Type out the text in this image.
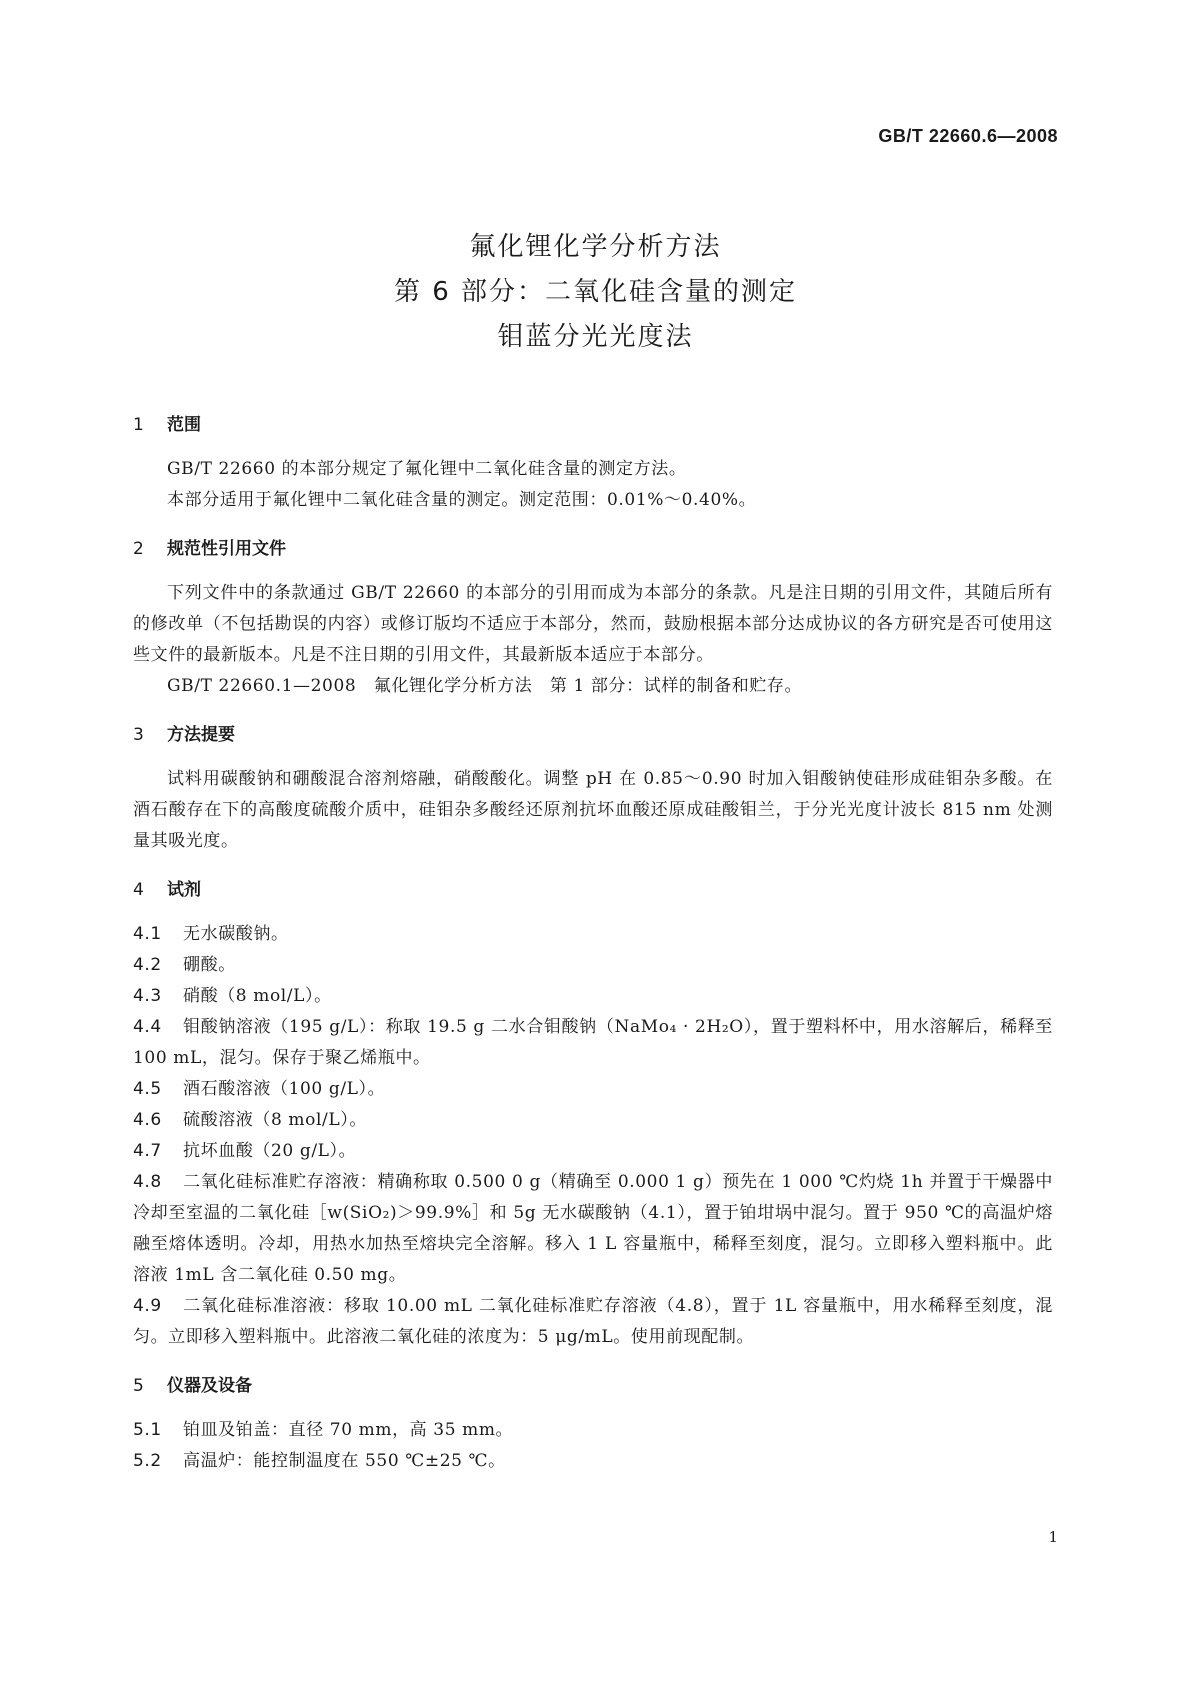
GB/T 22660.6—2008
氟化锂化学分析方法
第 6 部分：二氧化硅含量的测定
钼蓝分光光度法
1 范围

GB/T 22660 的本部分规定了氟化锂中二氧化硅含量的测定方法。

本部分适用于氟化锂中二氧化硅含量的测定。测定范围：0.01%～0.40%。

2 规范性引用文件

下列文件中的条款通过 GB/T 22660 的本部分的引用而成为本部分的条款。凡是注日期的引用文件，其随后所有的修改单（不包括勘误的内容）或修订版均不适应于本部分，然而，鼓励根据本部分达成协议的各方研究是否可使用这些文件的最新版本。凡是不注日期的引用文件，其最新版本适应于本部分。

GB/T 22660.1—2008　氟化锂化学分析方法　第 1 部分：试样的制备和贮存。

3 方法提要

试料用碳酸钠和硼酸混合溶剂熔融，硝酸酸化。调整 pH 在 0.85～0.90 时加入钼酸钠使硅形成硅钼杂多酸。在酒石酸存在下的高酸度硫酸介质中，硅钼杂多酸经还原剂抗坏血酸还原成硅酸钼兰，于分光光度计波长 815 nm 处测量其吸光度。

4 试剂

4.1 无水碳酸钠。

4.2 硼酸。

4.3 硝酸（8 mol/L）。

4.4 钼酸钠溶液（195 g/L）：称取 19.5 g 二水合钼酸钠（NaMo₄ · 2H₂O），置于塑料杯中，用水溶解后，稀释至 100 mL，混匀。保存于聚乙烯瓶中。

4.5 酒石酸溶液（100 g/L）。

4.6 硫酸溶液（8 mol/L）。

4.7 抗坏血酸（20 g/L）。

4.8 二氧化硅标准贮存溶液：精确称取 0.500 0 g（精确至 0.000 1 g）预先在 1 000 ℃灼烧 1h 并置于干燥器中冷却至室温的二氧化硅［w(SiO₂)＞99.9%］和 5g 无水碳酸钠（4.1），置于铂坩埚中混匀。置于 950 ℃的高温炉熔融至熔体透明。冷却，用热水加热至熔块完全溶解。移入 1 L 容量瓶中，稀释至刻度，混匀。立即移入塑料瓶中。此溶液 1mL 含二氧化硅 0.50 mg。

4.9 二氧化硅标准溶液：移取 10.00 mL 二氧化硅标准贮存溶液（4.8），置于 1L 容量瓶中，用水稀释至刻度，混匀。立即移入塑料瓶中。此溶液二氧化硅的浓度为：5 μg/mL。使用前现配制。

5 仪器及设备

5.1 铂皿及铂盖：直径 70 mm，高 35 mm。

5.2 高温炉：能控制温度在 550 ℃±25 ℃。

1
